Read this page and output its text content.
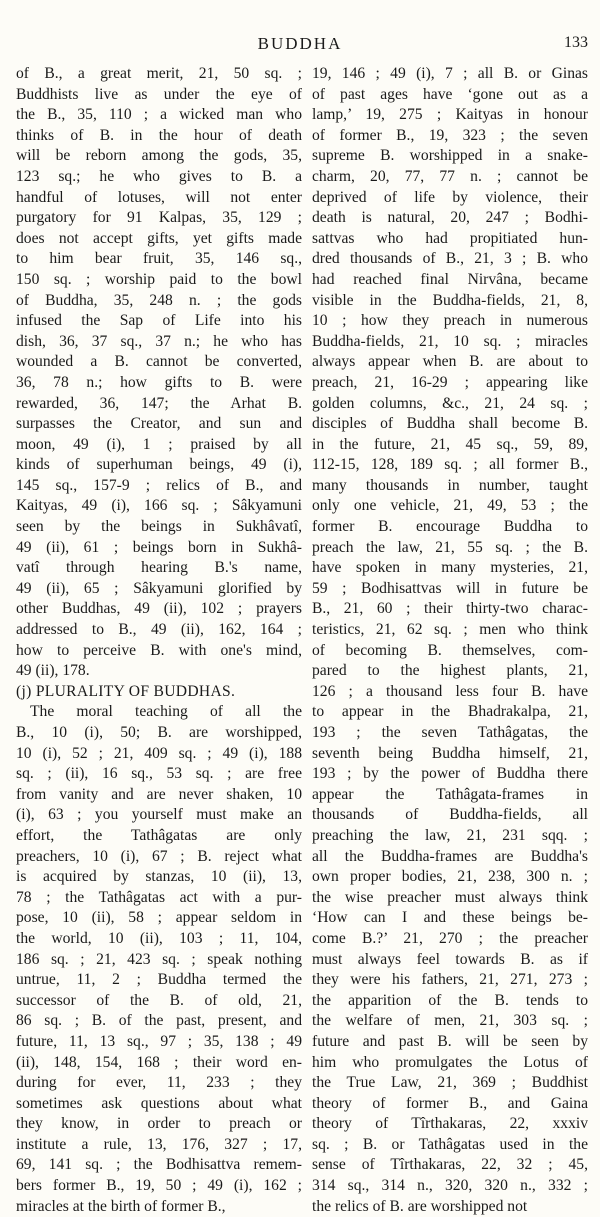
BUDDHA	133
of B., a great merit, 21, 50 sq. ;
Buddhists live as under the eye of
the B., 35, 110 ; a wicked man who
thinks of B. in the hour of death
will be reborn among the gods, 35,
123 sq.; he who gives to B. a
handful of lotuses, will not enter
purgatory for 91 Kalpas, 35, 129 ;
does not accept gifts, yet gifts made
to him bear fruit, 35, 146 sq.,
150 sq. ; worship paid to the bowl
of Buddha, 35, 248 n. ; the gods
infused the Sap of Life into his
dish, 36, 37 sq., 37 n.; he who has
wounded a B. cannot be converted,
36, 78 n.; how gifts to B. were
rewarded, 36, 147; the Arhat B.
surpasses the Creator, and sun and
moon, 49 (i), 1 ; praised by all
kinds of superhuman beings, 49 (i),
145 sq., 157-9 ; relics of B., and
Kaityas, 49 (i), 166 sq. ; Sâkyamuni
seen by the beings in Sukhâvatî,
49 (ii), 61 ; beings born in Sukhâ-
vatî through hearing B.'s name,
49 (ii), 65 ; Sâkyamuni glorified by
other Buddhas, 49 (ii), 102 ; prayers
addressed to B., 49 (ii), 162, 164 ;
how to perceive B. with one's mind,
49 (ii), 178.
(j) PLURALITY OF BUDDHAS.
The moral teaching of all the
B., 10 (i), 50; B. are worshipped,
10 (i), 52 ; 21, 409 sq. ; 49 (i), 188
sq. ; (ii), 16 sq., 53 sq. ; are free
from vanity and are never shaken, 10
(i), 63 ; you yourself must make an
effort, the Tathâgatas are only
preachers, 10 (i), 67 ; B. reject what
is acquired by stanzas, 10 (ii), 13,
78 ; the Tathâgatas act with a pur-
pose, 10 (ii), 58 ; appear seldom in
the world, 10 (ii), 103 ; 11, 104,
186 sq. ; 21, 423 sq. ; speak nothing
untrue, 11, 2 ; Buddha termed the
successor of the B. of old, 21,
86 sq. ; B. of the past, present, and
future, 11, 13 sq., 97 ; 35, 138 ; 49
(ii), 148, 154, 168 ; their word en-
during for ever, 11, 233 ; they
sometimes ask questions about what
they know, in order to preach or
institute a rule, 13, 176, 327 ; 17,
69, 141 sq. ; the Bodhisattva remem-
bers former B., 19, 50 ; 49 (i), 162 ;
miracles at the birth of former B.,
19, 146 ; 49 (i), 7 ; all B. or Ginas
of past ages have ‘gone out as a
lamp,’ 19, 275 ; Kaityas in honour
of former B., 19, 323 ; the seven
supreme B. worshipped in a snake-
charm, 20, 77, 77 n. ; cannot be
deprived of life by violence, their
death is natural, 20, 247 ; Bodhi-
sattvas who had propitiated hun-
dred thousands of B., 21, 3 ; B. who
had reached final Nirvâna, became
visible in the Buddha-fields, 21, 8,
10 ; how they preach in numerous
Buddha-fields, 21, 10 sq. ; miracles
always appear when B. are about to
preach, 21, 16-29 ; appearing like
golden columns, &c., 21, 24 sq. ;
disciples of Buddha shall become B.
in the future, 21, 45 sq., 59, 89,
112-15, 128, 189 sq. ; all former B.,
many thousands in number, taught
only one vehicle, 21, 49, 53 ; the
former B. encourage Buddha to
preach the law, 21, 55 sq. ; the B.
have spoken in many mysteries, 21,
59 ; Bodhisattvas will in future be
B., 21, 60 ; their thirty-two charac-
teristics, 21, 62 sq. ; men who think
of becoming B. themselves, com-
pared to the highest plants, 21,
126 ; a thousand less four B. have
to appear in the Bhadrakalpa, 21,
193 ; the seven Tathâgatas, the
seventh being Buddha himself, 21,
193 ; by the power of Buddha there
appear the Tathâgata-frames in
thousands of Buddha-fields, all
preaching the law, 21, 231 sqq. ;
all the Buddha-frames are Buddha's
own proper bodies, 21, 238, 300 n. ;
the wise preacher must always think
‘How can I and these beings be-
come B.?’ 21, 270 ; the preacher
must always feel towards B. as if
they were his fathers, 21, 271, 273 ;
the apparition of the B. tends to
the welfare of men, 21, 303 sq. ;
future and past B. will be seen by
him who promulgates the Lotus of
the True Law, 21, 369 ; Buddhist
theory of former B., and Gaina
theory of Tîrthakaras, 22, xxxiv
sq. ; B. or Tathâgatas used in the
sense of Tîrthakaras, 22, 32 ; 45,
314 sq., 314 n., 320, 320 n., 332 ;
the relics of B. are worshipped not
